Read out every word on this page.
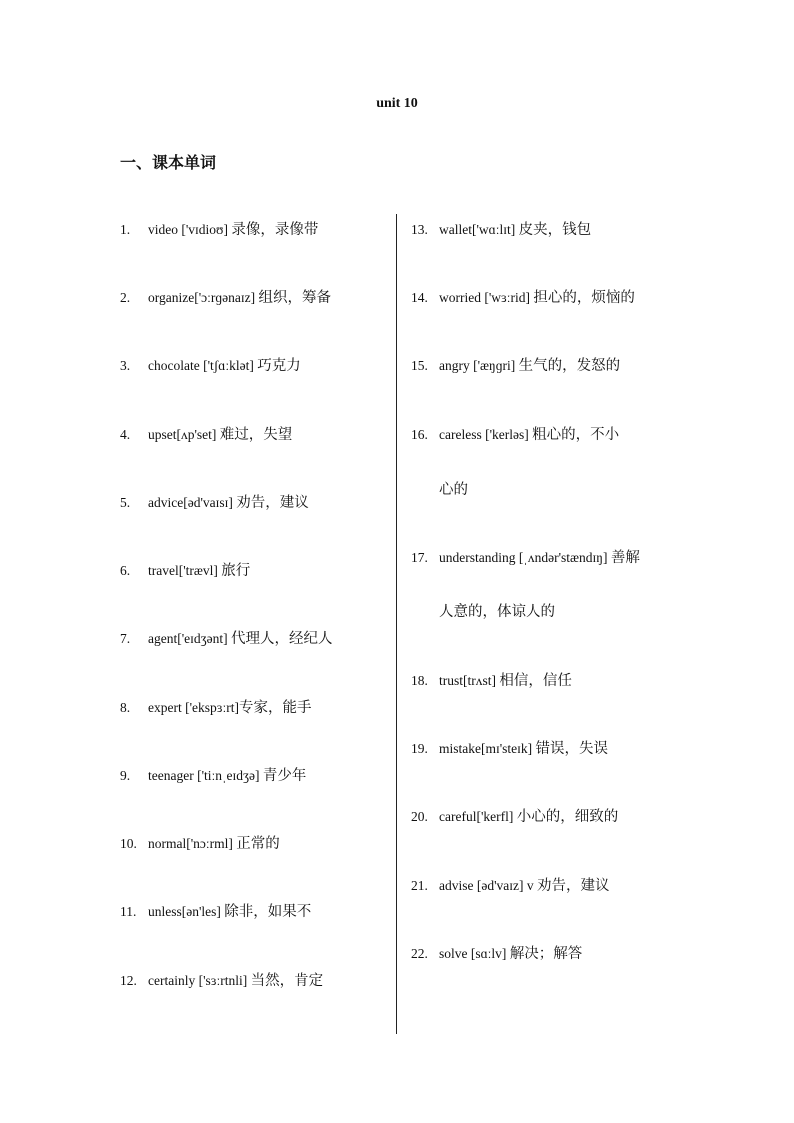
unit 10
一、课本单词
1. video ['vɪdioʊ] 录像，录像带
2. organize['ɔːrɡənaɪz] 组织，筹备
3. chocolate ['tʃɑːklət] 巧克力
4. upset[ʌp'set] 难过，失望
5. advice[əd'vaɪsɪ] 劝告，建议
6. travel['trævl] 旅行
7. agent['eɪdʒənt] 代理人，经纪人
8. expert ['ekspɜːrt]专家，能手
9. teenager ['tiːnˌeɪdʒə] 青少年
10. normal['nɔːrml] 正常的
11. unless[ən'les] 除非，如果不
12. certainly ['sɜːrtnli] 当然，肯定
13. wallet['wɑːlɪt] 皮夹，钱包
14. worried ['wɜːrid] 担心的，烦恼的
15. angry ['æŋɡri] 生气的，发怒的
16. careless ['kerləs] 粗心的，不小
心的
17. understanding [ˌʌndər'stændɪŋ] 善解
人意的，体谅人的
18. trust[trʌst] 相信，信任
19. mistake[mɪ'steɪk] 错误，失误
20. careful['kerfl] 小心的，细致的
21. advise [əd'vaɪz] v 劝告，建议
22. solve [sɑːlv] 解决；解答
